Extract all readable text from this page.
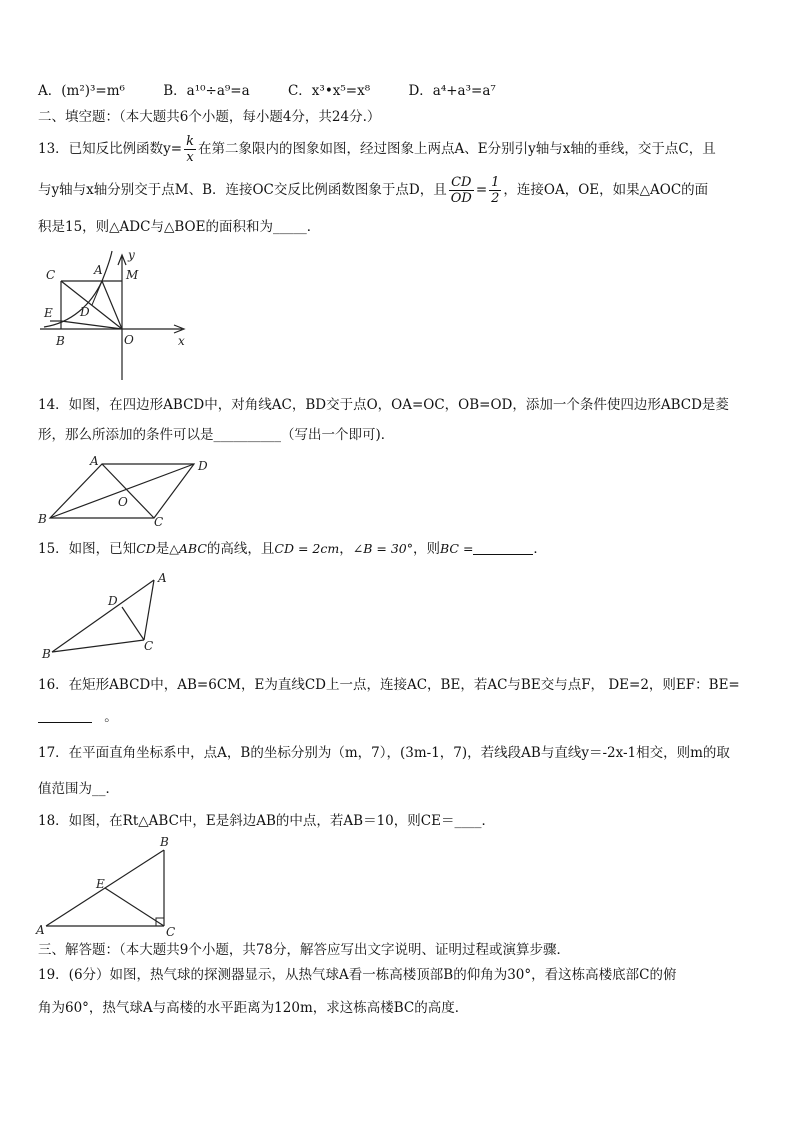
A．(m²)³=m⁶	B．a¹⁰÷a⁹=a	C．x³•x⁵=x⁸	D．a⁴+a³=a⁷
二、填空题：（本大题共6个小题，每小题4分，共24分.）
13．已知反比例函数$y= \frac{k}{x}$ 在第二象限内的图象如图，经过图象上两点A、E分别引y轴与x轴的垂线，交于点C，且
与y轴与x轴分别交于点M、B．连接OC交反比例函数图象于点D，且 $\frac{CD}{OD} = \frac{1}{2}$ ，连接OA，OE，如果△AOC的面
积是15，则△ADC与△BOE的面积和为_____．
C	A
y
M
E D
B	O	x
14．如图，在四边形ABCD中，对角线AC，BD交于点O，OA=OC，OB=OD，添加一个条件使四边形ABCD是菱
形，那么所添加的条件可以是__________（写出一个即可)．
A	D
O
B	C
15．如图，已知CD是△ABC的高线，且CD = 2cm，∠B = 30°，则BC =	．
A
D
B
C
16．在矩形ABCD中，AB=6CM，E为直线CD上一点，连接AC，BE，若AC与BE交与点F， DE=2，则EF：BE=
。
17．在平面直角坐标系中，点A，B的坐标分别为（m，7），(3m-1，7)，若线段AB与直线y＝-2x-1相交，则m的取
值范围为__．
18．如图，在Rt△ABC中，E是斜边AB的中点，若AB＝10，则CE＝____．
B
E
A	C
三、解答题：（本大题共9个小题，共78分，解答应写出文字说明、证明过程或演算步骤．
19．(6分）如图，热气球的探测器显示，从热气球A看一栋高楼顶部B的仰角为30°，看这栋高楼底部C的俯
角为60°，热气球A与高楼的水平距离为120m，求这栋高楼BC的高度．
